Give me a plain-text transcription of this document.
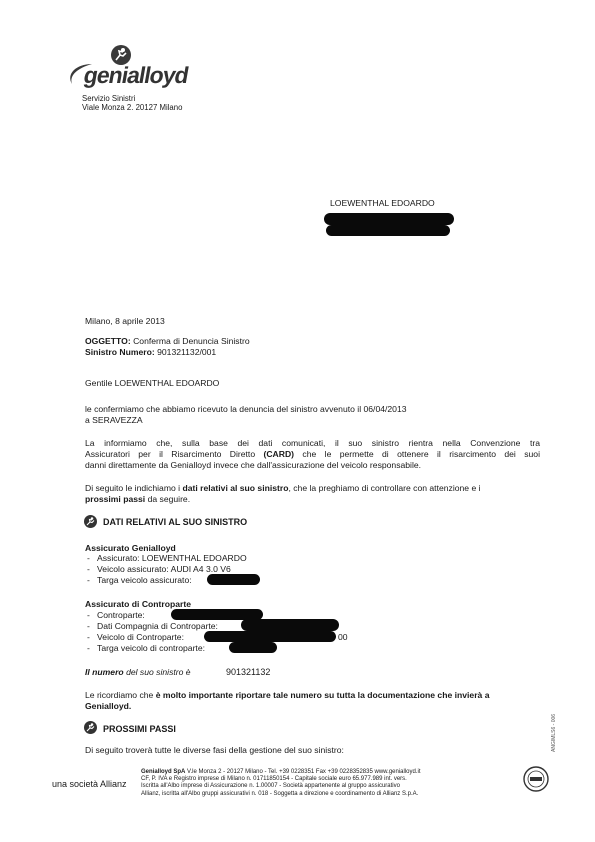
genialloyd
Servizio Sinistri
Viale Monza 2. 20127 Milano
LOEWENTHAL EDOARDO
Milano, 8 aprile 2013
OGGETTO: Conferma di Denuncia Sinistro
Sinistro Numero: 901321132/001
Gentile LOEWENTHAL EDOARDO
le confermiamo che abbiamo ricevuto la denuncia del sinistro avvenuto il 06/04/2013
a SERAVEZZA
La informiamo che, sulla base dei dati comunicati, il suo sinistro rientra nella Convenzione tra
Assicuratori per il Risarcimento Diretto (CARD) che le permette di ottenere il risarcimento dei suoi
danni direttamente da Genialloyd invece che dall'assicurazione del veicolo responsabile.
Di seguito le indichiamo i dati relativi al suo sinistro, che la preghiamo di controllare con attenzione e i
prossimi passi da seguire.
DATI RELATIVI AL SUO SINISTRO
Assicurato Genialloyd
-   Assicurato: LOEWENTHAL EDOARDO
-   Veicolo assicurato: AUDI A4 3.0 V6
-   Targa veicolo assicurato:
Assicurato di Controparte
-   Controparte:
-   Dati Compagnia di Controparte:
-   Veicolo di Controparte:	00
-   Targa veicolo di controparte:
Il numero del suo sinistro è	901321132
Le ricordiamo che è molto importante riportare tale numero su tutta la documentazione che invierà a
Genialloyd.
PROSSIMI PASSI
Di seguito troverà tutte le diverse fasi della gestione del suo sinistro:
una società Allianz
Genialloyd SpA V.le Monza 2 - 20127 Milano - Tel. +39 0228351 Fax +39 0228352835 www.genialloyd.it
CF, P. IVA e Registro imprese di Milano n. 01711850154 - Capitale sociale euro 65.977.989 int. vers.
Iscritta all'Albo imprese di Assicurazione n. 1.00007 - Società appartenente al gruppo assicurativo
Allianz, iscritta all'Albo gruppi assicurativi n. 018 - Soggetta a direzione e coordinamento di Allianz S.p.A.
ANGIMLS6 - 006
